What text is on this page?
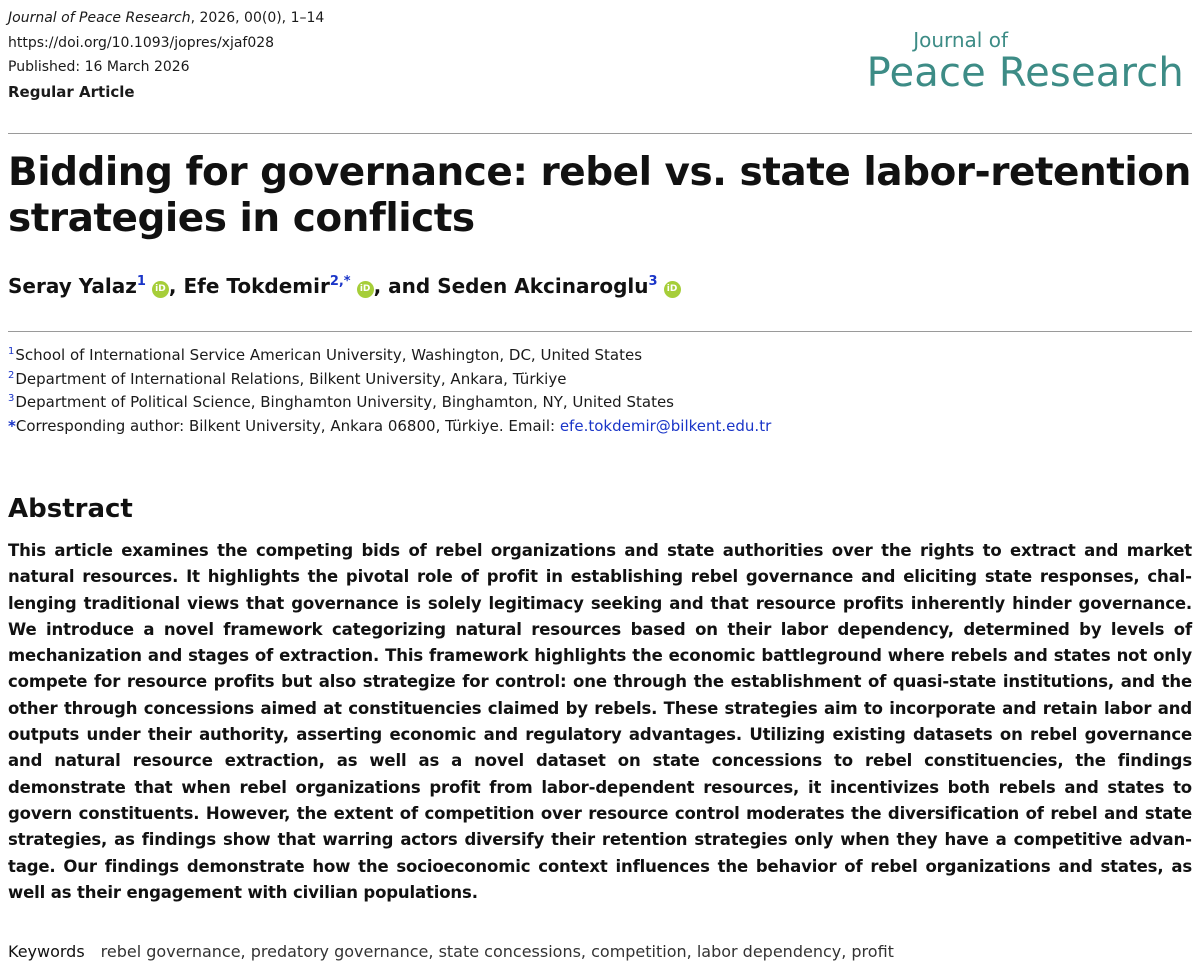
Journal of Peace Research, 2026, 00(0), 1–14
https://doi.org/10.1093/jopres/xjaf028
Published: 16 March 2026
Regular Article
Journal of
Peace Research
Bidding for governance: rebel vs. state labor-retention strategies in conflicts
Seray Yalaz$^1$ iD , Efe Tokdemir$^{2,*}$ iD , and Seden Akcinaroglu$^3$ iD
$^1$School of International Service American University, Washington, DC, United States
$^2$Department of International Relations, Bilkent University, Ankara, Türkiye
$^3$Department of Political Science, Binghamton University, Binghamton, NY, United States
*Corresponding author: Bilkent University, Ankara 06800, Türkiye. Email: efe.tokdemir@bilkent.edu.tr
Abstract

This article examines the competing bids of rebel organizations and state authorities over the rights to extract and market natural resources. It highlights the pivotal role of profit in establishing rebel governance and eliciting state responses, challenging traditional views that governance is solely legitimacy seeking and that resource profits inherently hinder governance. We introduce a novel framework categorizing natural resources based on their labor dependency, determined by levels of mechanization and stages of extraction. This framework highlights the economic battleground where rebels and states not only compete for resource profits but also strategize for control: one through the establishment of quasi-state institutions, and the other through concessions aimed at constituencies claimed by rebels. These strategies aim to incorporate and retain labor and outputs under their authority, asserting economic and regulatory advantages. Utilizing existing datasets on rebel governance and natural resource extraction, as well as a novel dataset on state concessions to rebel constituencies, the findings demonstrate that when rebel organizations profit from labor-dependent resources, it incentivizes both rebels and states to govern constituents. However, the extent of competition over resource control moderates the diversification of rebel and state strategies, as findings show that warring actors diversify their retention strategies only when they have a competitive advantage. Our findings demonstrate how the socioeconomic context influences the behavior of rebel organizations and states, as well as their engagement with civilian populations.

Keywords rebel governance, predatory governance, state concessions, competition, labor dependency, profit
